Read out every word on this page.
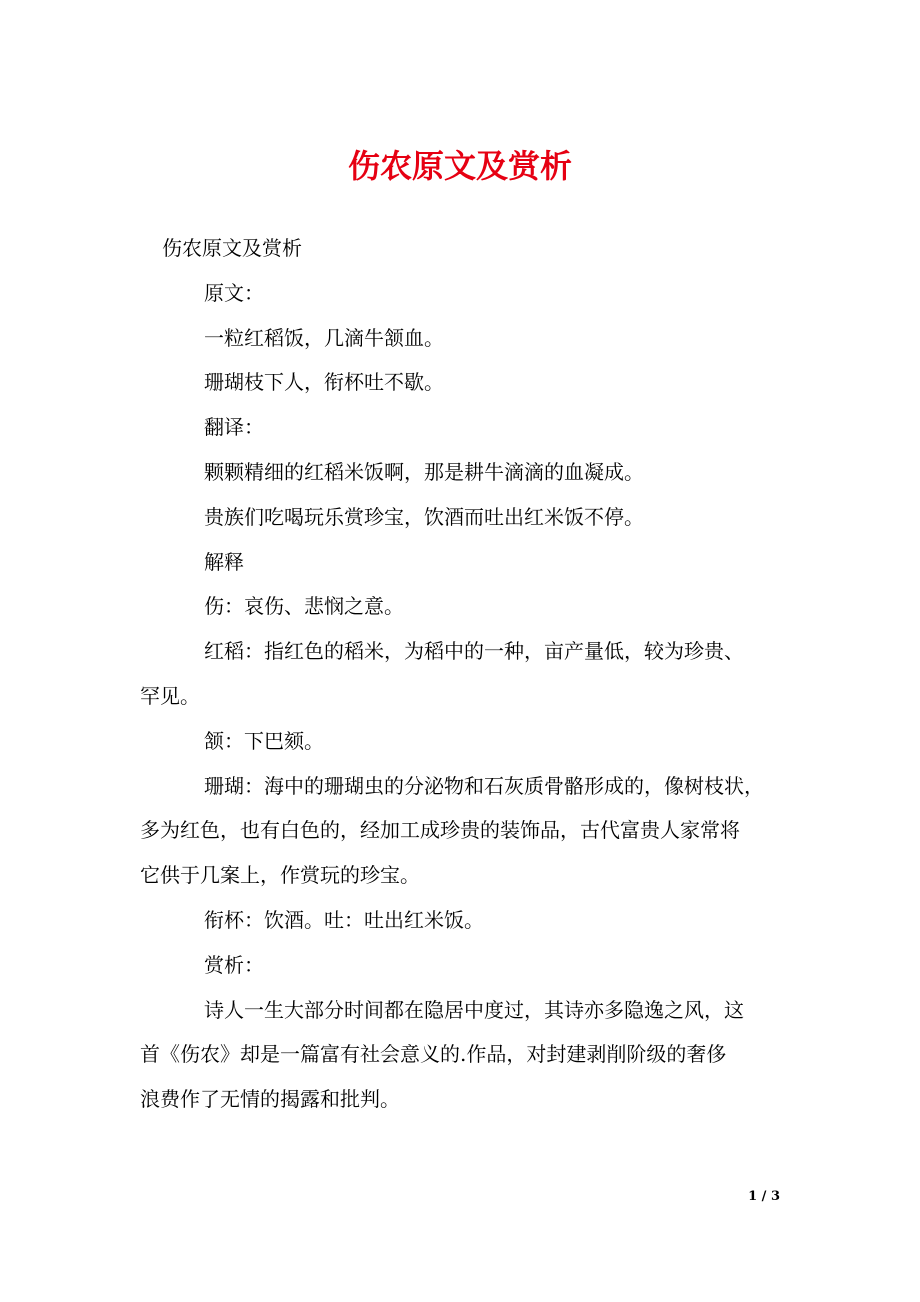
伤农原文及赏析

伤农原文及赏析

原文：

一粒红稻饭，几滴牛颔血。

珊瑚枝下人，衔杯吐不歇。

翻译：

颗颗精细的红稻米饭啊，那是耕牛滴滴的血凝成。

贵族们吃喝玩乐赏珍宝，饮酒而吐出红米饭不停。

解释

伤：哀伤、悲悯之意。

红稻：指红色的稻米，为稻中的一种，亩产量低，较为珍贵、

罕见。

颔：下巴颏。

珊瑚：海中的珊瑚虫的分泌物和石灰质骨骼形成的，像树枝状，

多为红色，也有白色的，经加工成珍贵的装饰品，古代富贵人家常将

它供于几案上，作赏玩的珍宝。

衔杯：饮酒。吐：吐出红米饭。

赏析：

诗人一生大部分时间都在隐居中度过，其诗亦多隐逸之风，这

首《伤农》却是一篇富有社会意义的.作品，对封建剥削阶级的奢侈

浪费作了无情的揭露和批判。

1 / 3
